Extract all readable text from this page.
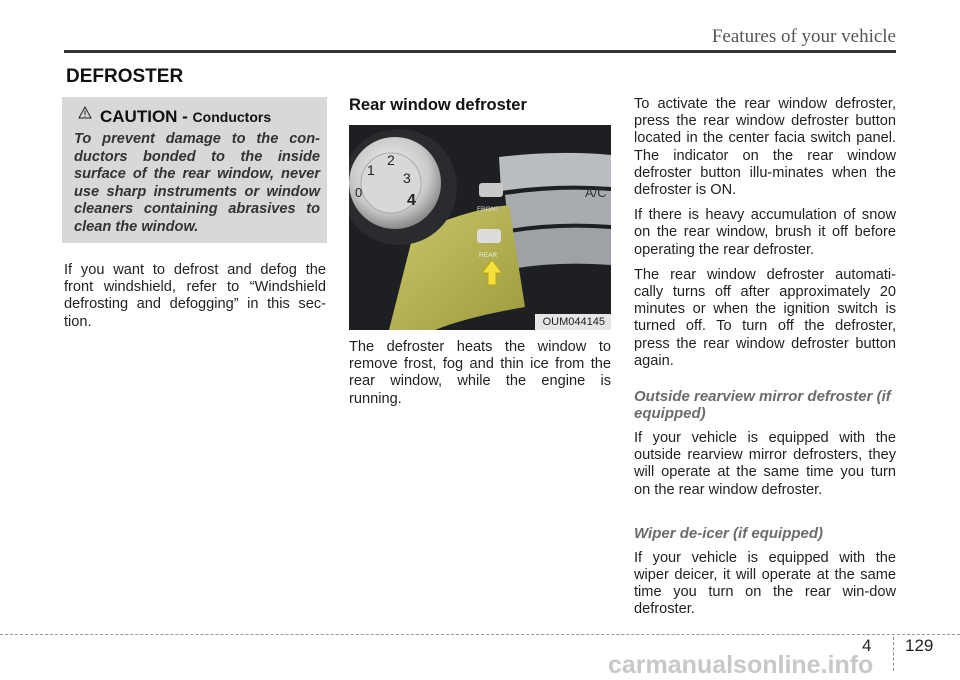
Features of your vehicle
DEFROSTER
CAUTION - Conductors
To prevent damage to the con-ductors bonded to the inside surface of the rear window, never use sharp instruments or window cleaners containing abrasives to clean the window.
If you want to defrost and defog the front windshield, refer to “Windshield defrosting and defogging” in this sec-tion.
Rear window defroster
1
2
3
4
0
FRONT
REAR
A/C
OUM044145
The defroster heats the window to remove frost, fog and thin ice from the rear window, while the engine is running.

To activate the rear window defroster, press the rear window defroster button located in the center facia switch panel. The indicator on the rear window defroster button illu-minates when the defroster is ON.

If there is heavy accumulation of snow on the rear window, brush it off before operating the rear defroster.

The rear window defroster automati-cally turns off after approximately 20 minutes or when the ignition switch is turned off. To turn off the defroster, press the rear window defroster button again.

Outside rearview mirror defroster (if equipped)

If your vehicle is equipped with the outside rearview mirror defrosters, they will operate at the same time you turn on the rear window defroster.

Wiper de-icer (if equipped)

If your vehicle is equipped with the wiper deicer, it will operate at the same time you turn on the rear win-dow defroster.

4 129
carmanualsonline.info
